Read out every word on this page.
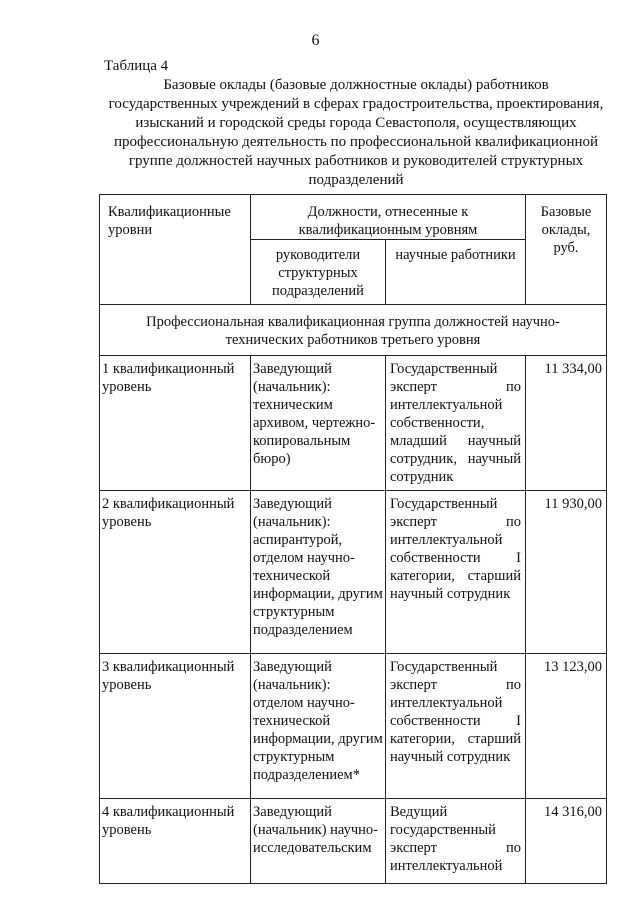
6
Таблица 4
Базовые оклады (базовые должностные оклады) работников
государственных учреждений в сферах градостроительства, проектирования,
изысканий и городской среды города Севастополя, осуществляющих
профессиональную деятельность по профессиональной квалификационной
группе должностей научных работников и руководителей структурных
подразделений
Квалификационные уровни	Должности, отнесенные к квалификационным уровням		Базовые оклады, руб.
	руководители структурных подразделений	научные работники	
Профессиональная квалификационная группа должностей научно-технических работников третьего уровня			
1 квалификационный уровень	Заведующий (начальник): техническим архивом, чертежно-копировальным бюро)	Государственный эксперт по интеллектуальной собственности, младший научный сотрудник, научный сотрудник	11 334,00
2 квалификационный уровень	Заведующий (начальник): аспирантурой, отделом научно-технической информации, другим структурным подразделением	Государственный эксперт по интеллектуальной собственности I категории, старший научный сотрудник	11 930,00
3 квалификационный уровень	Заведующий (начальник): отделом научно-технической информации, другим структурным подразделением*	Государственный эксперт по интеллектуальной собственности I категории, старший научный сотрудник	13 123,00
4 квалификационный уровень	Заведующий (начальник) научно-исследовательским	Ведущий государственный эксперт по интеллектуальной	14 316,00
